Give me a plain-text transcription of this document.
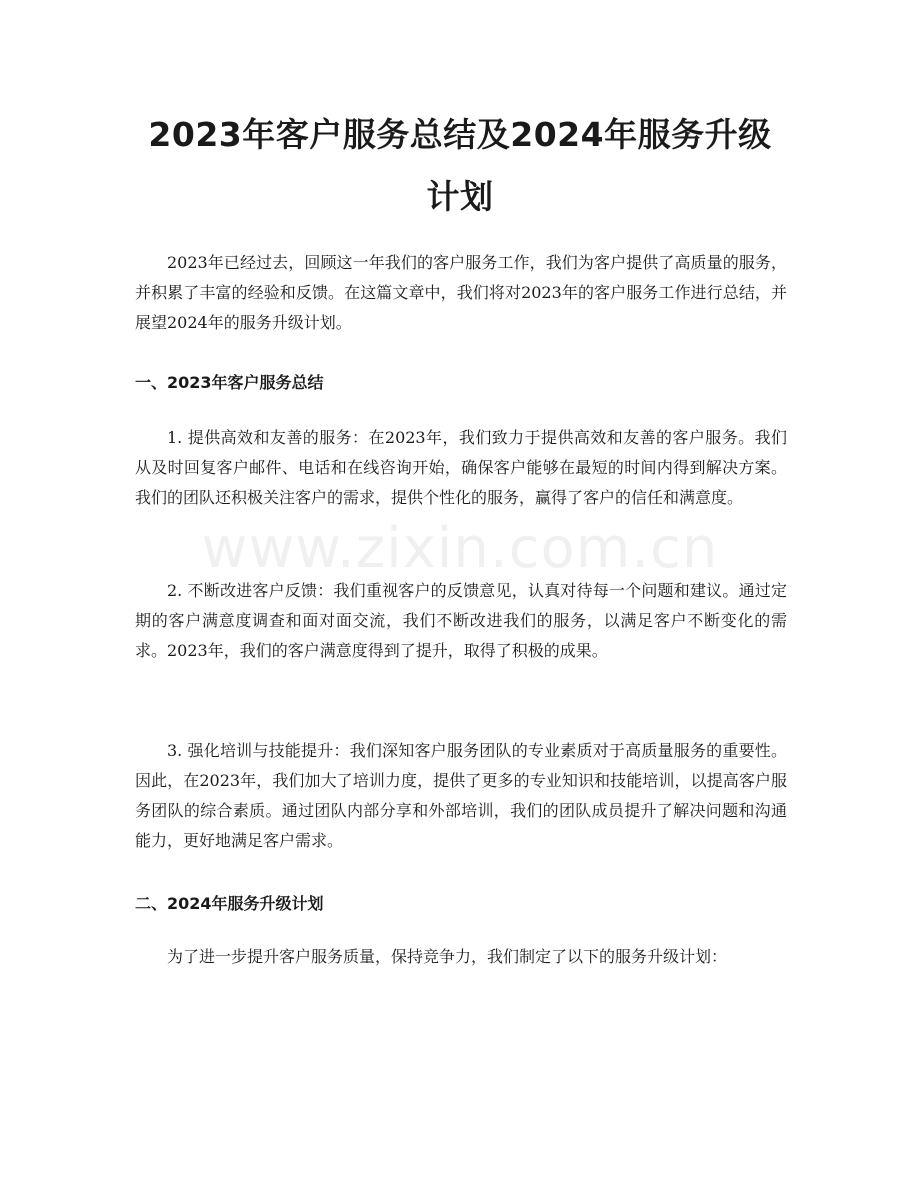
2023年客户服务总结及2024年服务升级计划

2023年已经过去，回顾这一年我们的客户服务工作，我们为客户提供了高质量的服务，并积累了丰富的经验和反馈。在这篇文章中，我们将对2023年的客户服务工作进行总结，并展望2024年的服务升级计划。

一、2023年客户服务总结

1. 提供高效和友善的服务：在2023年，我们致力于提供高效和友善的客户服务。我们从及时回复客户邮件、电话和在线咨询开始，确保客户能够在最短的时间内得到解决方案。我们的团队还积极关注客户的需求，提供个性化的服务，赢得了客户的信任和满意度。

2. 不断改进客户反馈：我们重视客户的反馈意见，认真对待每一个问题和建议。通过定期的客户满意度调查和面对面交流，我们不断改进我们的服务，以满足客户不断变化的需求。2023年，我们的客户满意度得到了提升，取得了积极的成果。

3. 强化培训与技能提升：我们深知客户服务团队的专业素质对于高质量服务的重要性。因此，在2023年，我们加大了培训力度，提供了更多的专业知识和技能培训，以提高客户服务团队的综合素质。通过团队内部分享和外部培训，我们的团队成员提升了解决问题和沟通能力，更好地满足客户需求。

二、2024年服务升级计划

为了进一步提升客户服务质量，保持竞争力，我们制定了以下的服务升级计划：

www.zixin.com.cn
